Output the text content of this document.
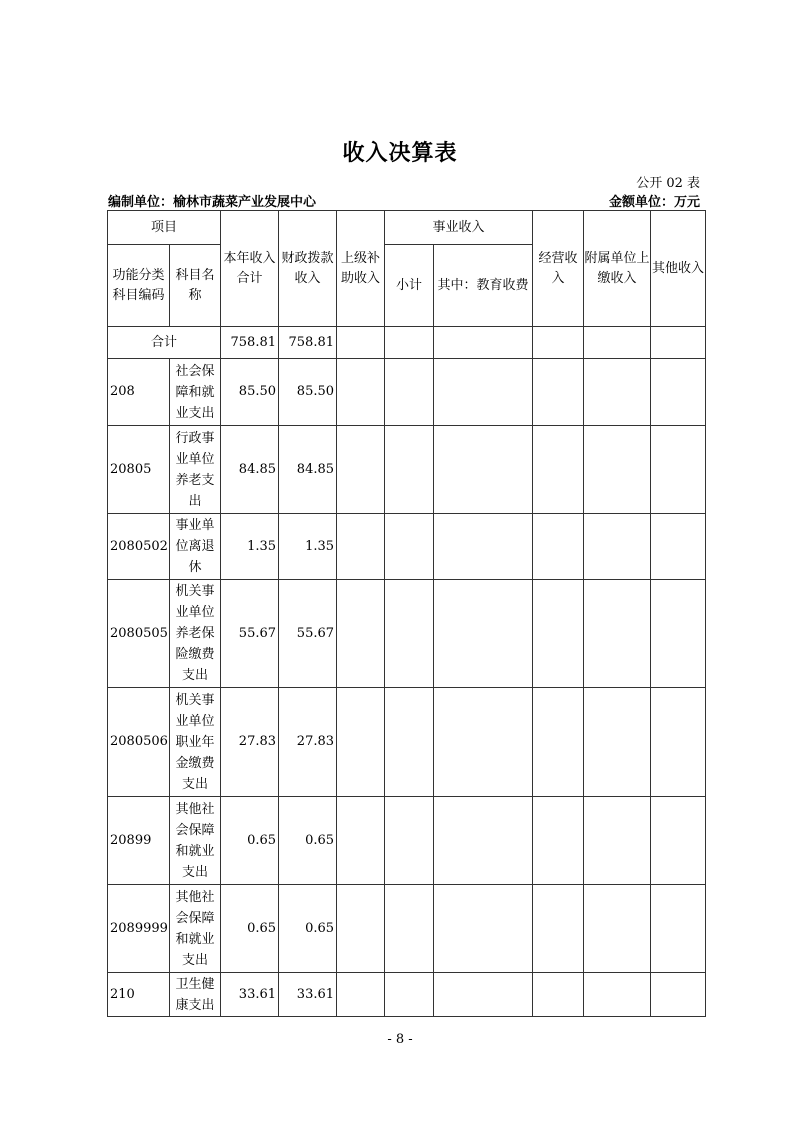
收入决算表
公开 02 表
编制单位：榆林市蔬菜产业发展中心	金额单位：万元
项目		本年收入合计	财政拨款收入	上级补助收入	事业收入		经营收入	附属单位上缴收入	其他收入
功能分类科目编码	科目名称				小计	其中：教育收费			
合计		758.81	758.81						
208	社会保障和就业支出	85.50	85.50						
20805	行政事业单位养老支出	84.85	84.85						
2080502	事业单位离退休	1.35	1.35						
2080505	机关事业单位养老保险缴费支出	55.67	55.67						
2080506	机关事业单位职业年金缴费支出	27.83	27.83						
20899	其他社会保障和就业支出	0.65	0.65						
2089999	其他社会保障和就业支出	0.65	0.65						
210	卫生健康支出	33.61	33.61						
- 8 -
